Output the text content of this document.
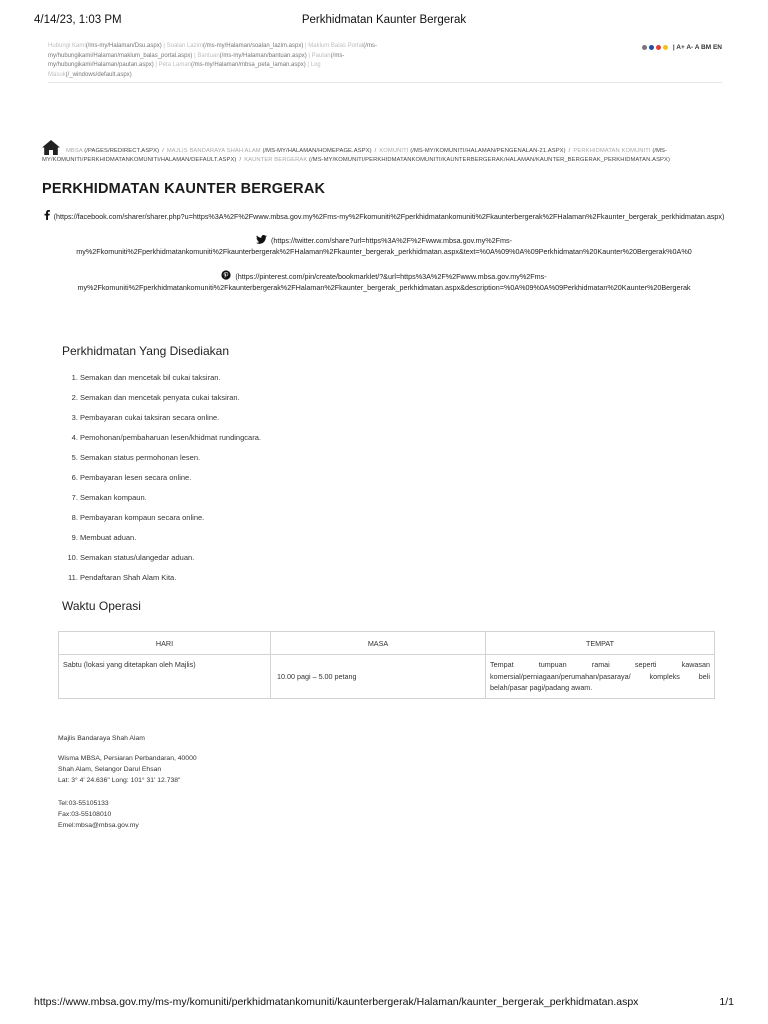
4/14/23, 1:03 PM	Perkhidmatan Kaunter Bergerak
Hubungi Kami(/ms-my/Halaman/Dsu.aspx) | Soalan Lazim(/ms-my/Halaman/soalan_lazim.aspx) | Maklum Balas Portal(/ms-my/hubungikami/Halaman/maklum_balas_portal.aspx) | Bantuan(/ms-my/Halaman/bantuan.aspx) | Pautan(/ms-my/hubungikami/Halaman/pautan.aspx) | Peta Laman(/ms-my/Halaman/mbsa_peta_laman.aspx) | Log Masuk(/_windows/default.aspx)
| A+ A- A BM EN
MBSA (/PAGES/REDIRECT.ASPX) / MAJLIS BANDARAYA SHAH ALAM (/MS-MY/HALAMAN/HOMEPAGE.ASPX) / KOMUNITI (/MS-MY/KOMUNITI/HALAMAN/PENGENALAN-21.ASPX) / PERKHIDMATAN KOMUNITI (/MS-MY/KOMUNITI/PERKHIDMATANKOMUNITI/HALAMAN/DEFAULT.ASPX) / KAUNTER BERGERAK (/MS-MY/KOMUNITI/PERKHIDMATANKOMUNITI/KAUNTERBERGERAK/HALAMAN/KAUNTER_BERGERAK_PERKHIDMATAN.ASPX)
PERKHIDMATAN KAUNTER BERGERAK
(https://facebook.com/sharer/sharer.php?u=https%3A%2F%2Fwww.mbsa.gov.my%2Fms-my%2Fkomuniti%2Fperkhidmatankomuniti%2Fkaunterbergerak%2FHalaman%2Fkaunter_bergerak_perkhidmatan.aspx)
(https://twitter.com/share?url=https%3A%2F%2Fwww.mbsa.gov.my%2Fms-my%2Fkomuniti%2Fperkhidmatankomuniti%2Fkaunterbergerak%2FHalaman%2Fkaunter_bergerak_perkhidmatan.aspx&text=%0A%09%0A%09Perkhidmatan%20Kaunter%20Bergerak%0A%0
(https://pinterest.com/pin/create/bookmarklet/?&url=https%3A%2F%2Fwww.mbsa.gov.my%2Fms-my%2Fkomuniti%2Fperkhidmatankomuniti%2Fkaunterbergerak%2FHalaman%2Fkaunter_bergerak_perkhidmatan.aspx&description=%0A%09%0A%09Perkhidmatan%20Kaunter%20Bergerak
Perkhidmatan Yang Disediakan
1. Semakan dan mencetak bil cukai taksiran.
2. Semakan dan mencetak penyata cukai taksiran.
3. Pembayaran cukai taksiran secara online.
4. Pemohonan/pembaharuan lesen/khidmat rundingcara.
5. Semakan status permohonan lesen.
6. Pembayaran lesen secara online.
7. Semakan kompaun.
8. Pembayaran kompaun secara online.
9. Membuat aduan.
10. Semakan status/ulangedar aduan.
11. Pendaftaran Shah Alam Kita.
Waktu Operasi
HARI	MASA	TEMPAT
Sabtu (lokasi yang ditetapkan oleh Majlis)	10.00 pagi – 5.00 petang	Tempat tumpuan ramai seperti kawasan komersial/perniagaan/perumahan/pasaraya/ kompleks beli belah/pasar pagi/padang awam.
Majlis Bandaraya Shah Alam
Wisma MBSA, Persiaran Perbandaran, 40000
Shah Alam, Selangor Darul Ehsan
Lat: 3° 4' 24.636" Long: 101° 31' 12.738"
Tel:03-55105133
Fax:03-55108010
Emel:mbsa@mbsa.gov.my
https://www.mbsa.gov.my/ms-my/komuniti/perkhidmatankomuniti/kaunterbergerak/Halaman/kaunter_bergerak_perkhidmatan.aspx	1/1
